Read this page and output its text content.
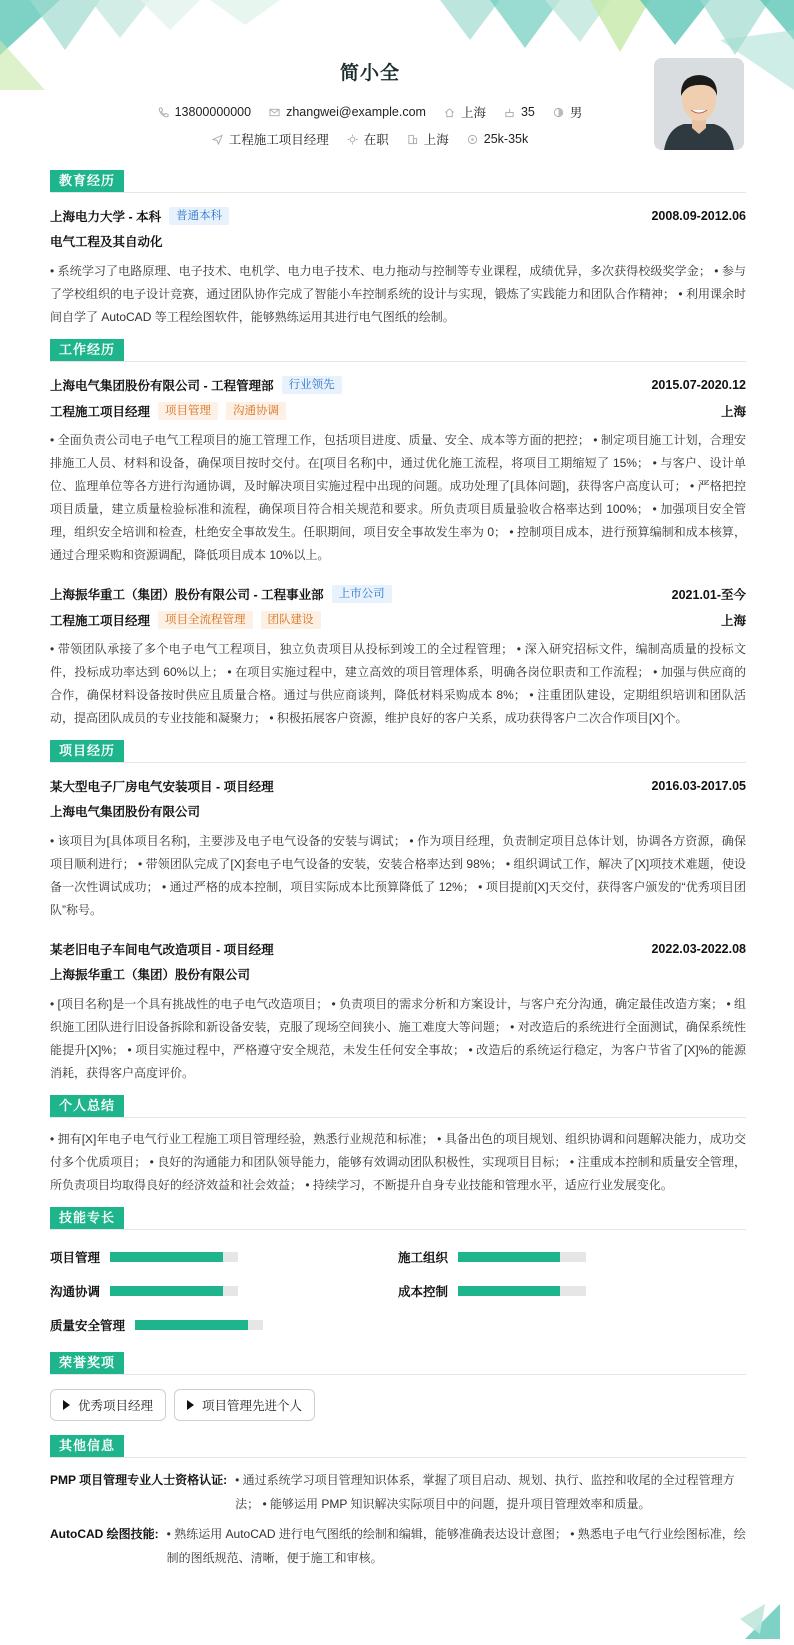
简小全
13800000000	zhangwei@example.com	上海	35	男
工程施工项目经理	在职	上海	25k-35k
教育经历
上海电力大学 - 本科	普通本科	2008.09-2012.06
电气工程及其自动化
• 系统学习了电路原理、电子技术、电机学、电力电子技术、电力拖动与控制等专业课程，成绩优异，多次获得校级奖学金； • 参与了学校组织的电子设计竞赛，通过团队协作完成了智能小车控制系统的设计与实现，锻炼了实践能力和团队合作精神； • 利用课余时间自学了 AutoCAD 等工程绘图软件，能够熟练运用其进行电气图纸的绘制。
工作经历
上海电气集团股份有限公司 - 工程管理部	行业领先	2015.07-2020.12
工程施工项目经理	项目管理	沟通协调	上海
• 全面负责公司电子电气工程项目的施工管理工作，包括项目进度、质量、安全、成本等方面的把控； • 制定项目施工计划，合理安排施工人员、材料和设备，确保项目按时交付。在[项目名称]中，通过优化施工流程，将项目工期缩短了 15%； • 与客户、设计单位、监理单位等各方进行沟通协调，及时解决项目实施过程中出现的问题。成功处理了[具体问题]，获得客户高度认可； • 严格把控项目质量，建立质量检验标准和流程，确保项目符合相关规范和要求。所负责项目质量验收合格率达到 100%； • 加强项目安全管理，组织安全培训和检查，杜绝安全事故发生。任职期间，项目安全事故发生率为 0； • 控制项目成本，进行预算编制和成本核算，通过合理采购和资源调配，降低项目成本 10%以上。
上海振华重工（集团）股份有限公司 - 工程事业部	上市公司	2021.01-至今
工程施工项目经理	项目全流程管理	团队建设	上海
• 带领团队承接了多个电子电气工程项目，独立负责项目从投标到竣工的全过程管理； • 深入研究招标文件，编制高质量的投标文件，投标成功率达到 60%以上； • 在项目实施过程中，建立高效的项目管理体系，明确各岗位职责和工作流程； • 加强与供应商的合作，确保材料设备按时供应且质量合格。通过与供应商谈判，降低材料采购成本 8%； • 注重团队建设，定期组织培训和团队活动，提高团队成员的专业技能和凝聚力； • 积极拓展客户资源，维护良好的客户关系，成功获得客户二次合作项目[X]个。
项目经历
某大型电子厂房电气安装项目 - 项目经理	2016.03-2017.05
上海电气集团股份有限公司
• 该项目为[具体项目名称]，主要涉及电子电气设备的安装与调试； • 作为项目经理，负责制定项目总体计划，协调各方资源，确保项目顺利进行； • 带领团队完成了[X]套电子电气设备的安装，安装合格率达到 98%； • 组织调试工作，解决了[X]项技术难题，使设备一次性调试成功； • 通过严格的成本控制，项目实际成本比预算降低了 12%； • 项目提前[X]天交付，获得客户颁发的“优秀项目团队”称号。
某老旧电子车间电气改造项目 - 项目经理	2022.03-2022.08
上海振华重工（集团）股份有限公司
• [项目名称]是一个具有挑战性的电子电气改造项目； • 负责项目的需求分析和方案设计，与客户充分沟通，确定最佳改造方案； • 组织施工团队进行旧设备拆除和新设备安装，克服了现场空间狭小、施工难度大等问题； • 对改造后的系统进行全面测试，确保系统性能提升[X]%； • 项目实施过程中，严格遵守安全规范，未发生任何安全事故； • 改造后的系统运行稳定，为客户节省了[X]%的能源消耗，获得客户高度评价。
个人总结
• 拥有[X]年电子电气行业工程施工项目管理经验，熟悉行业规范和标准； • 具备出色的项目规划、组织协调和问题解决能力，成功交付多个优质项目； • 良好的沟通能力和团队领导能力，能够有效调动团队积极性，实现项目目标； • 注重成本控制和质量安全管理，所负责项目均取得良好的经济效益和社会效益； • 持续学习，不断提升自身专业技能和管理水平，适应行业发展变化。
技能专长
项目管理	施工组织
沟通协调	成本控制
质量安全管理
荣誉奖项
优秀项目经理	项目管理先进个人
其他信息
PMP 项目管理专业人士资格认证: • 通过系统学习项目管理知识体系，掌握了项目启动、规划、执行、监控和收尾的全过程管理方法； • 能够运用 PMP 知识解决实际项目中的问题，提升项目管理效率和质量。
AutoCAD 绘图技能: • 熟练运用 AutoCAD 进行电气图纸的绘制和编辑，能够准确表达设计意图； • 熟悉电子电气行业绘图标准，绘制的图纸规范、清晰，便于施工和审核。
